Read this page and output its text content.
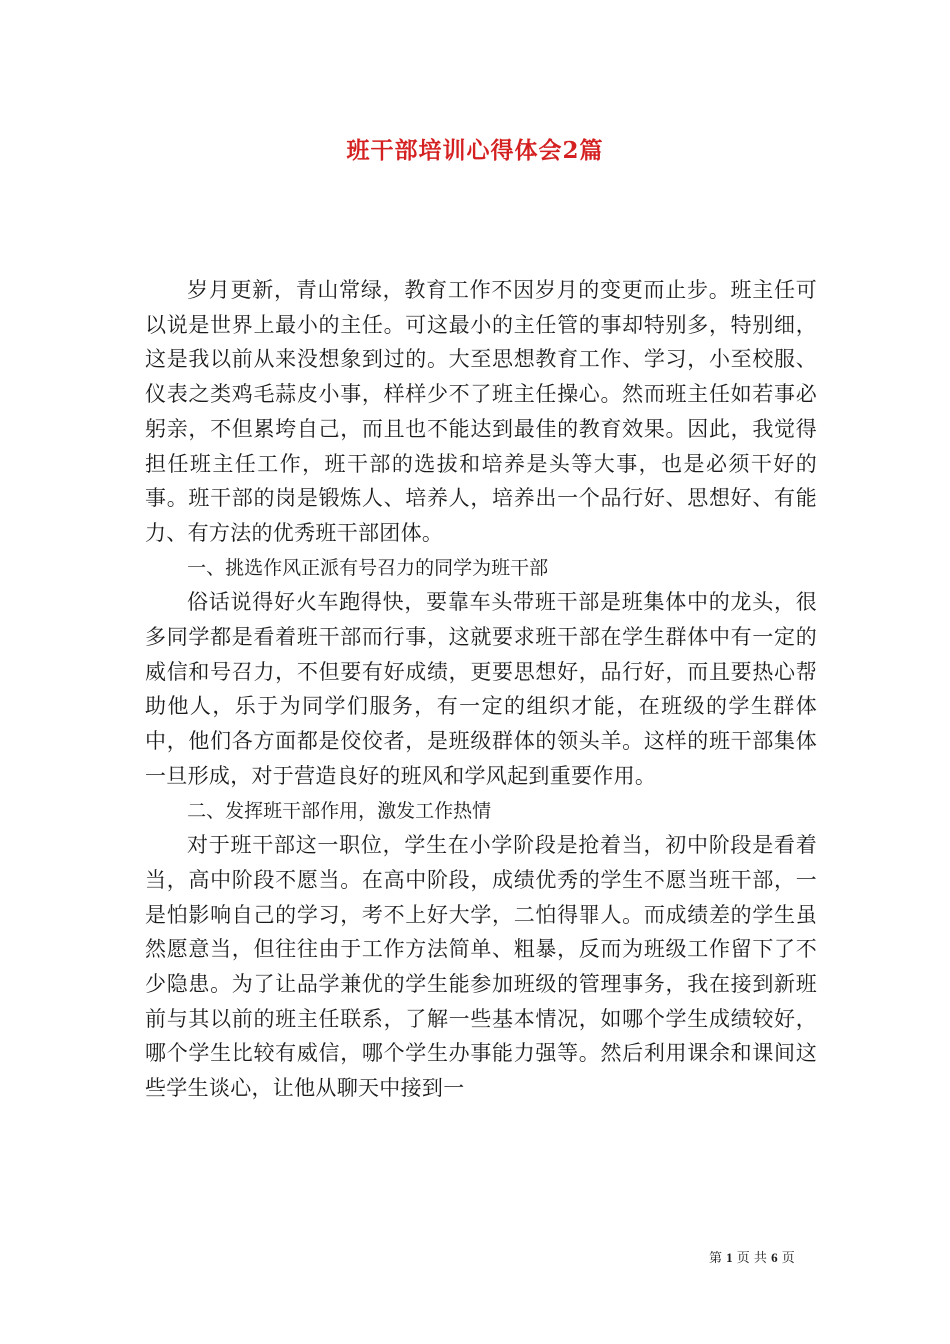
班干部培训心得体会2篇

岁月更新，青山常绿，教育工作不因岁月的变更而止步。班主任可以说是世界上最小的主任。可这最小的主任管的事却特别多，特别细，这是我以前从来没想象到过的。大至思想教育工作、学习，小至校服、仪表之类鸡毛蒜皮小事，样样少不了班主任操心。然而班主任如若事必躬亲，不但累垮自己，而且也不能达到最佳的教育效果。因此，我觉得担任班主任工作，班干部的选拔和培养是头等大事，也是必须干好的事。班干部的岗是锻炼人、培养人，培养出一个品行好、思想好、有能力、有方法的优秀班干部团体。

一、挑选作风正派有号召力的同学为班干部

俗话说得好火车跑得快，要靠车头带班干部是班集体中的龙头，很多同学都是看着班干部而行事，这就要求班干部在学生群体中有一定的威信和号召力，不但要有好成绩，更要思想好，品行好，而且要热心帮助他人，乐于为同学们服务，有一定的组织才能，在班级的学生群体中，他们各方面都是佼佼者，是班级群体的领头羊。这样的班干部集体一旦形成，对于营造良好的班风和学风起到重要作用。

二、发挥班干部作用，激发工作热情

对于班干部这一职位，学生在小学阶段是抢着当，初中阶段是看着当，高中阶段不愿当。在高中阶段，成绩优秀的学生不愿当班干部，一是怕影响自己的学习，考不上好大学，二怕得罪人。而成绩差的学生虽然愿意当，但往往由于工作方法简单、粗暴，反而为班级工作留下了不少隐患。为了让品学兼优的学生能参加班级的管理事务，我在接到新班前与其以前的班主任联系，了解一些基本情况，如哪个学生成绩较好，哪个学生比较有威信，哪个学生办事能力强等。然后利用课余和课间这些学生谈心，让他从聊天中接到一

第 1 页 共 6 页
